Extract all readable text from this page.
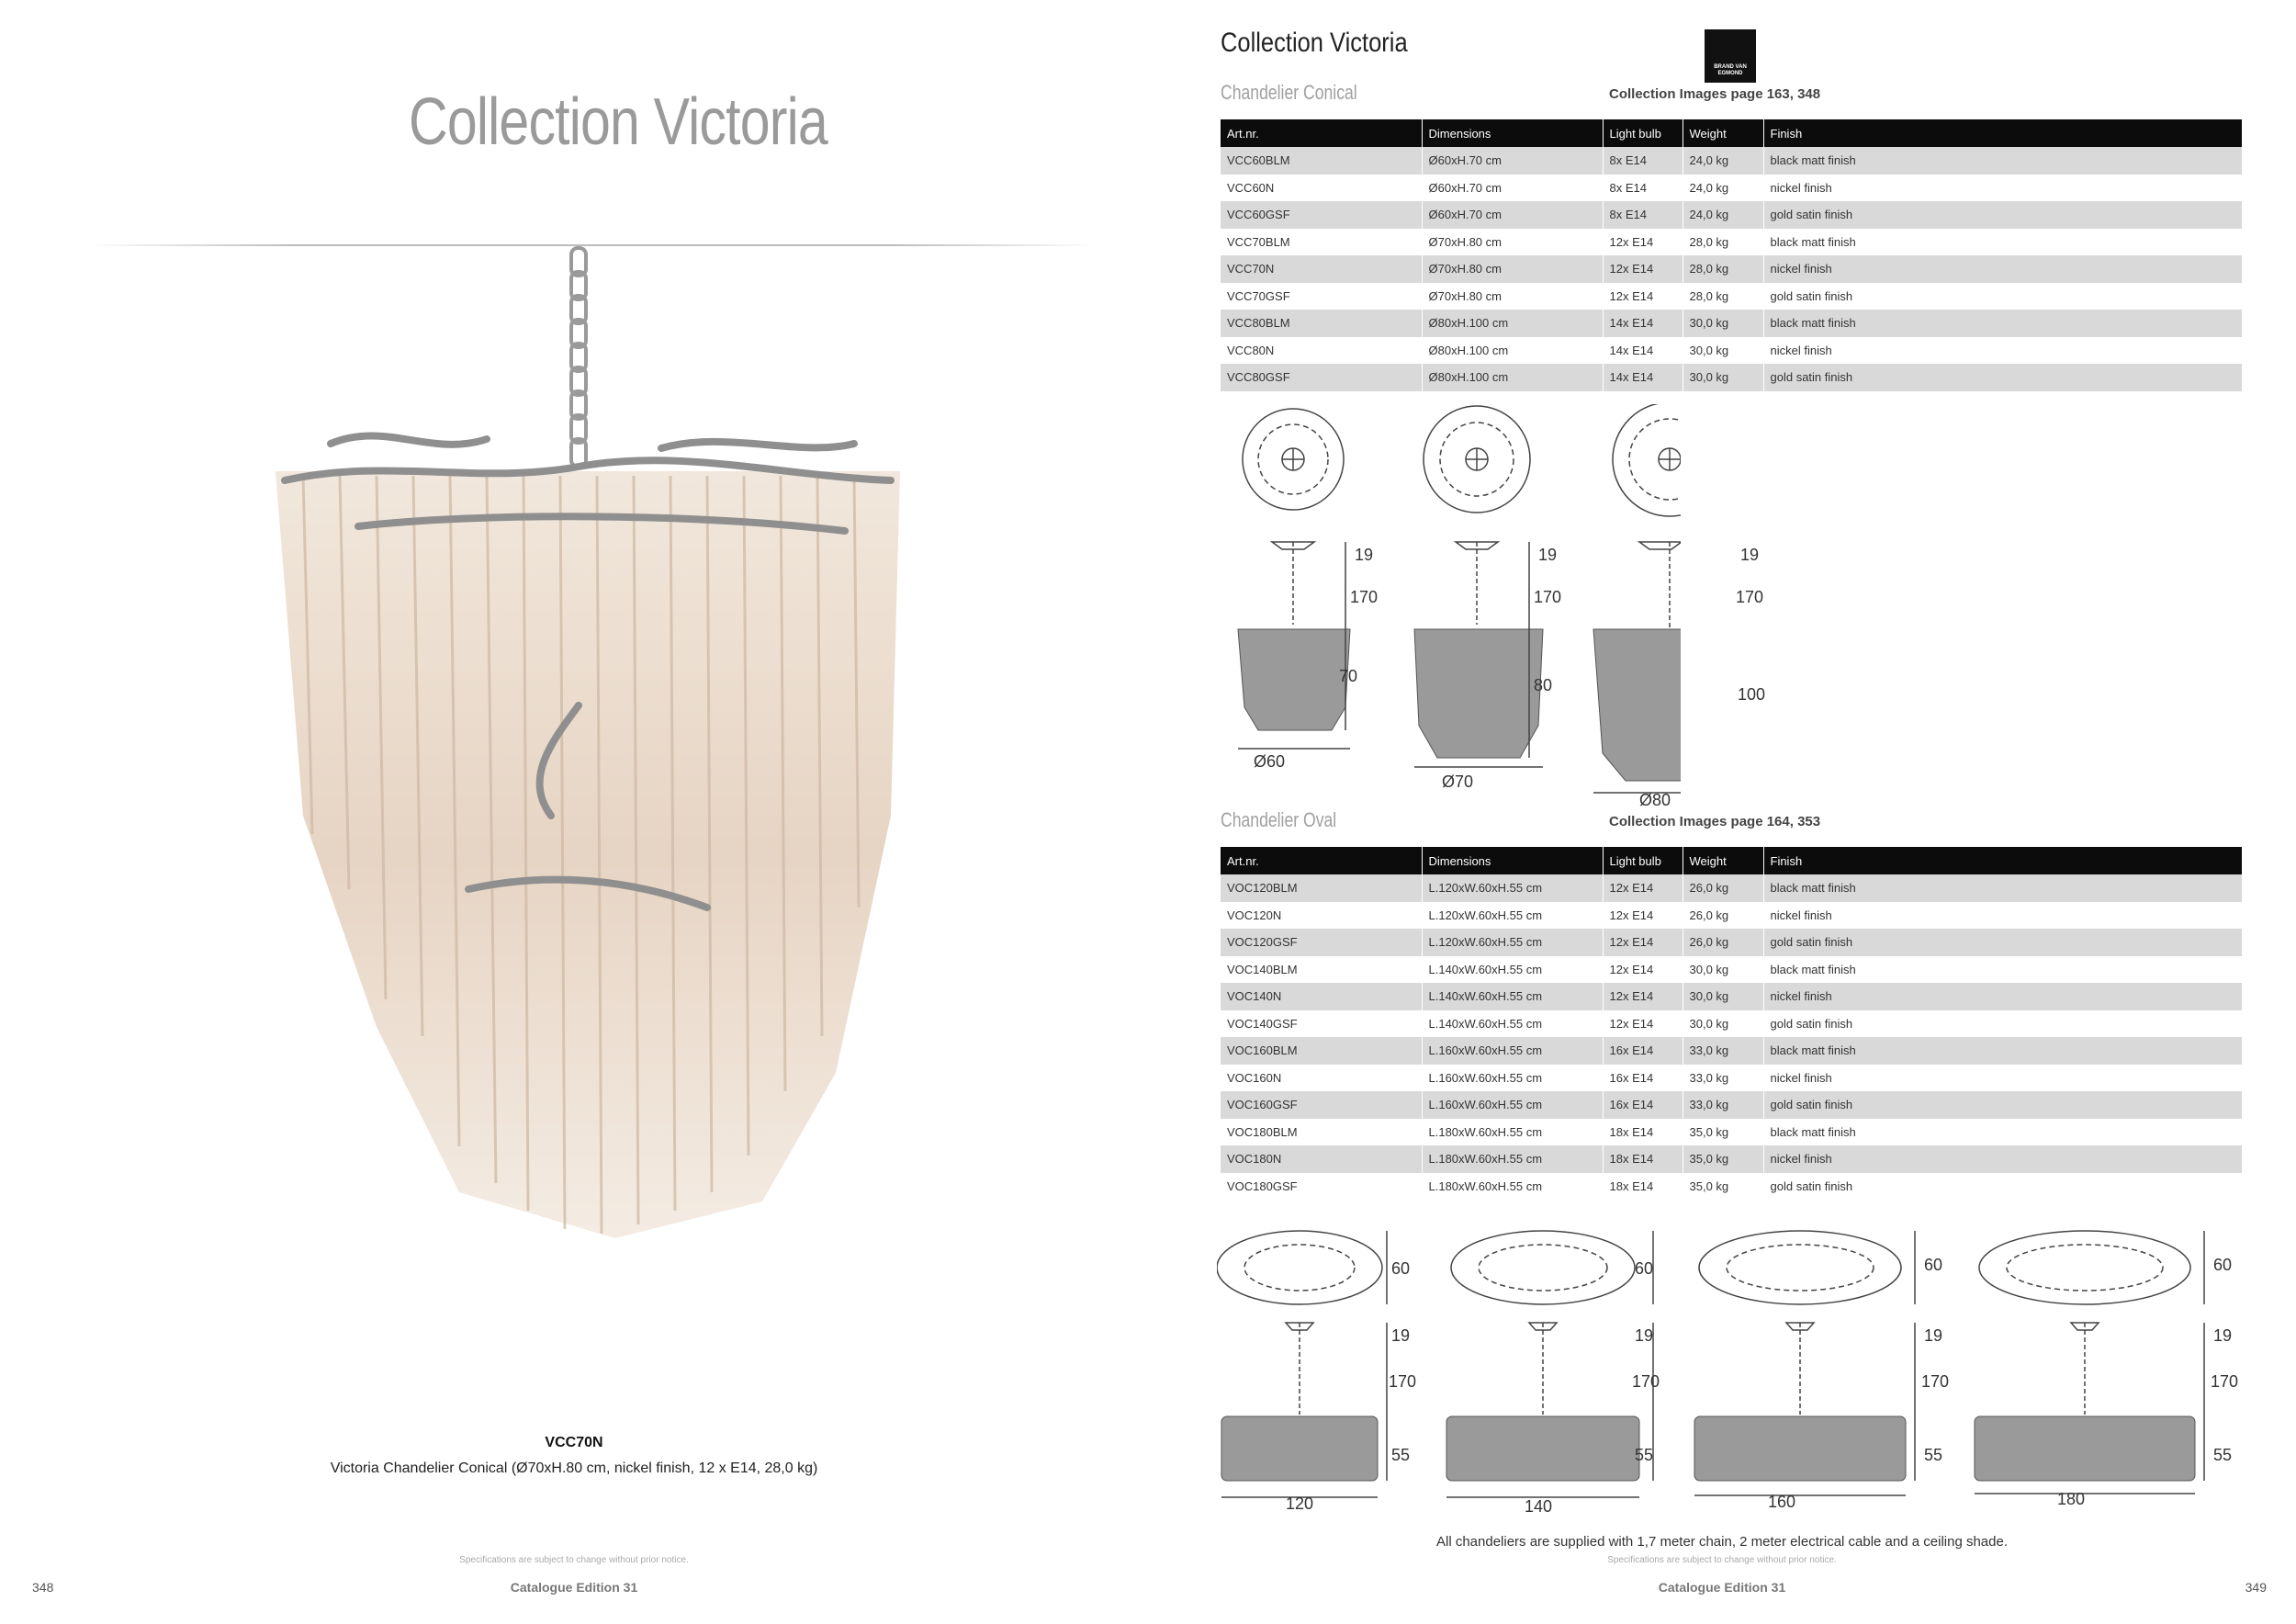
Collection Victoria
VCC70N
Victoria Chandelier Conical (Ø70xH.80 cm, nickel finish, 12 x E14, 28,0 kg)
Specifications are subject to change without prior notice.
Catalogue Edition 31
348
Collection Victoria
BRAND VAN
EGMOND
Chandelier Conical	Collection Images page 163, 348
Art.nr.	Dimensions	Light bulb	Weight	Finish
VCC60BLM	Ø60xH.70 cm	8x E14	24,0 kg	black matt finish
VCC60N	Ø60xH.70 cm	8x E14	24,0 kg	nickel finish
VCC60GSF	Ø60xH.70 cm	8x E14	24,0 kg	gold satin finish
VCC70BLM	Ø70xH.80 cm	12x E14	28,0 kg	black matt finish
VCC70N	Ø70xH.80 cm	12x E14	28,0 kg	nickel finish
VCC70GSF	Ø70xH.80 cm	12x E14	28,0 kg	gold satin finish
VCC80BLM	Ø80xH.100 cm	14x E14	30,0 kg	black matt finish
VCC80N	Ø80xH.100 cm	14x E14	30,0 kg	nickel finish
VCC80GSF	Ø80xH.100 cm	14x E14	30,0 kg	gold satin finish
19
170
70
Ø60
19
170
80
Ø70
19
170
100
Ø80
Chandelier Oval	Collection Images page 164, 353
Art.nr.	Dimensions	Light bulb	Weight	Finish
VOC120BLM	L.120xW.60xH.55 cm	12x E14	26,0 kg	black matt finish
VOC120N	L.120xW.60xH.55 cm	12x E14	26,0 kg	nickel finish
VOC120GSF	L.120xW.60xH.55 cm	12x E14	26,0 kg	gold satin finish
VOC140BLM	L.140xW.60xH.55 cm	12x E14	30,0 kg	black matt finish
VOC140N	L.140xW.60xH.55 cm	12x E14	30,0 kg	nickel finish
VOC140GSF	L.140xW.60xH.55 cm	12x E14	30,0 kg	gold satin finish
VOC160BLM	L.160xW.60xH.55 cm	16x E14	33,0 kg	black matt finish
VOC160N	L.160xW.60xH.55 cm	16x E14	33,0 kg	nickel finish
VOC160GSF	L.160xW.60xH.55 cm	16x E14	33,0 kg	gold satin finish
VOC180BLM	L.180xW.60xH.55 cm	18x E14	35,0 kg	black matt finish
VOC180N	L.180xW.60xH.55 cm	18x E14	35,0 kg	nickel finish
VOC180GSF	L.180xW.60xH.55 cm	18x E14	35,0 kg	gold satin finish
60
19
170
55
120
60
19
170
55
140
60
19
170
55
160
60
19
170
55
180
All chandeliers are supplied with 1,7 meter chain, 2 meter electrical cable and a ceiling shade.
Specifications are subject to change without prior notice.
Catalogue Edition 31	349
